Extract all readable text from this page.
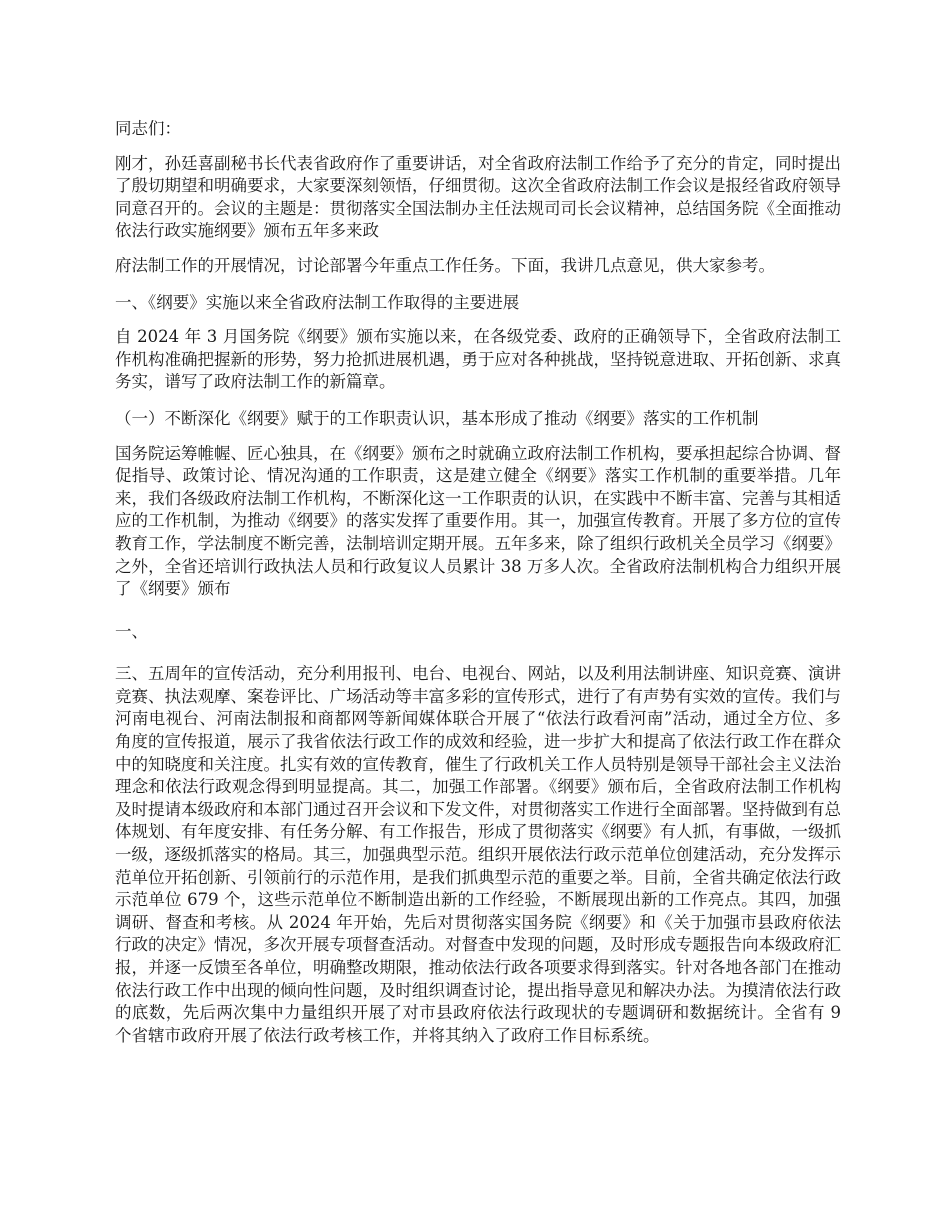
同志们：

刚才，孙廷喜副秘书长代表省政府作了重要讲话，对全省政府法制工作给予了充分的肯定，同时提出了殷切期望和明确要求，大家要深刻领悟，仔细贯彻。这次全省政府法制工作会议是报经省政府领导同意召开的。会议的主题是：贯彻落实全国法制办主任法规司司长会议精神，总结国务院《全面推动依法行政实施纲要》颁布五年多来政

府法制工作的开展情况，讨论部署今年重点工作任务。下面，我讲几点意见，供大家参考。

一、《纲要》实施以来全省政府法制工作取得的主要进展

自 2024 年 3 月国务院《纲要》颁布实施以来，在各级党委、政府的正确领导下，全省政府法制工作机构准确把握新的形势，努力抢抓进展机遇，勇于应对各种挑战，坚持锐意进取、开拓创新、求真务实，谱写了政府法制工作的新篇章。

（一）不断深化《纲要》赋于的工作职责认识，基本形成了推动《纲要》落实的工作机制

国务院运筹帷幄、匠心独具，在《纲要》颁布之时就确立政府法制工作机构，要承担起综合协调、督促指导、政策讨论、情况沟通的工作职责，这是建立健全《纲要》落实工作机制的重要举措。几年来，我们各级政府法制工作机构，不断深化这一工作职责的认识，在实践中不断丰富、完善与其相适应的工作机制，为推动《纲要》的落实发挥了重要作用。其一，加强宣传教育。开展了多方位的宣传教育工作，学法制度不断完善，法制培训定期开展。五年多来，除了组织行政机关全员学习《纲要》之外，全省还培训行政执法人员和行政复议人员累计 38 万多人次。全省政府法制机构合力组织开展了《纲要》颁布

一、

三、五周年的宣传活动，充分利用报刊、电台、电视台、网站，以及利用法制讲座、知识竞赛、演讲竞赛、执法观摩、案卷评比、广场活动等丰富多彩的宣传形式，进行了有声势有实效的宣传。我们与河南电视台、河南法制报和商都网等新闻媒体联合开展了“依法行政看河南”活动，通过全方位、多角度的宣传报道，展示了我省依法行政工作的成效和经验，进一步扩大和提高了依法行政工作在群众中的知晓度和关注度。扎实有效的宣传教育，催生了行政机关工作人员特别是领导干部社会主义法治理念和依法行政观念得到明显提高。其二，加强工作部署。《纲要》颁布后，全省政府法制工作机构及时提请本级政府和本部门通过召开会议和下发文件，对贯彻落实工作进行全面部署。坚持做到有总体规划、有年度安排、有任务分解、有工作报告，形成了贯彻落实《纲要》有人抓，有事做，一级抓一级，逐级抓落实的格局。其三，加强典型示范。组织开展依法行政示范单位创建活动，充分发挥示范单位开拓创新、引领前行的示范作用，是我们抓典型示范的重要之举。目前，全省共确定依法行政示范单位 679 个，这些示范单位不断制造出新的工作经验，不断展现出新的工作亮点。其四，加强调研、督查和考核。从 2024 年开始，先后对贯彻落实国务院《纲要》和《关于加强市县政府依法行政的决定》情况，多次开展专项督查活动。对督查中发现的问题，及时形成专题报告向本级政府汇报，并逐一反馈至各单位，明确整改期限，推动依法行政各项要求得到落实。针对各地各部门在推动依法行政工作中出现的倾向性问题，及时组织调查讨论，提出指导意见和解决办法。为摸清依法行政的底数，先后两次集中力量组织开展了对市县政府依法行政现状的专题调研和数据统计。全省有 9 个省辖市政府开展了依法行政考核工作，并将其纳入了政府工作目标系统。
